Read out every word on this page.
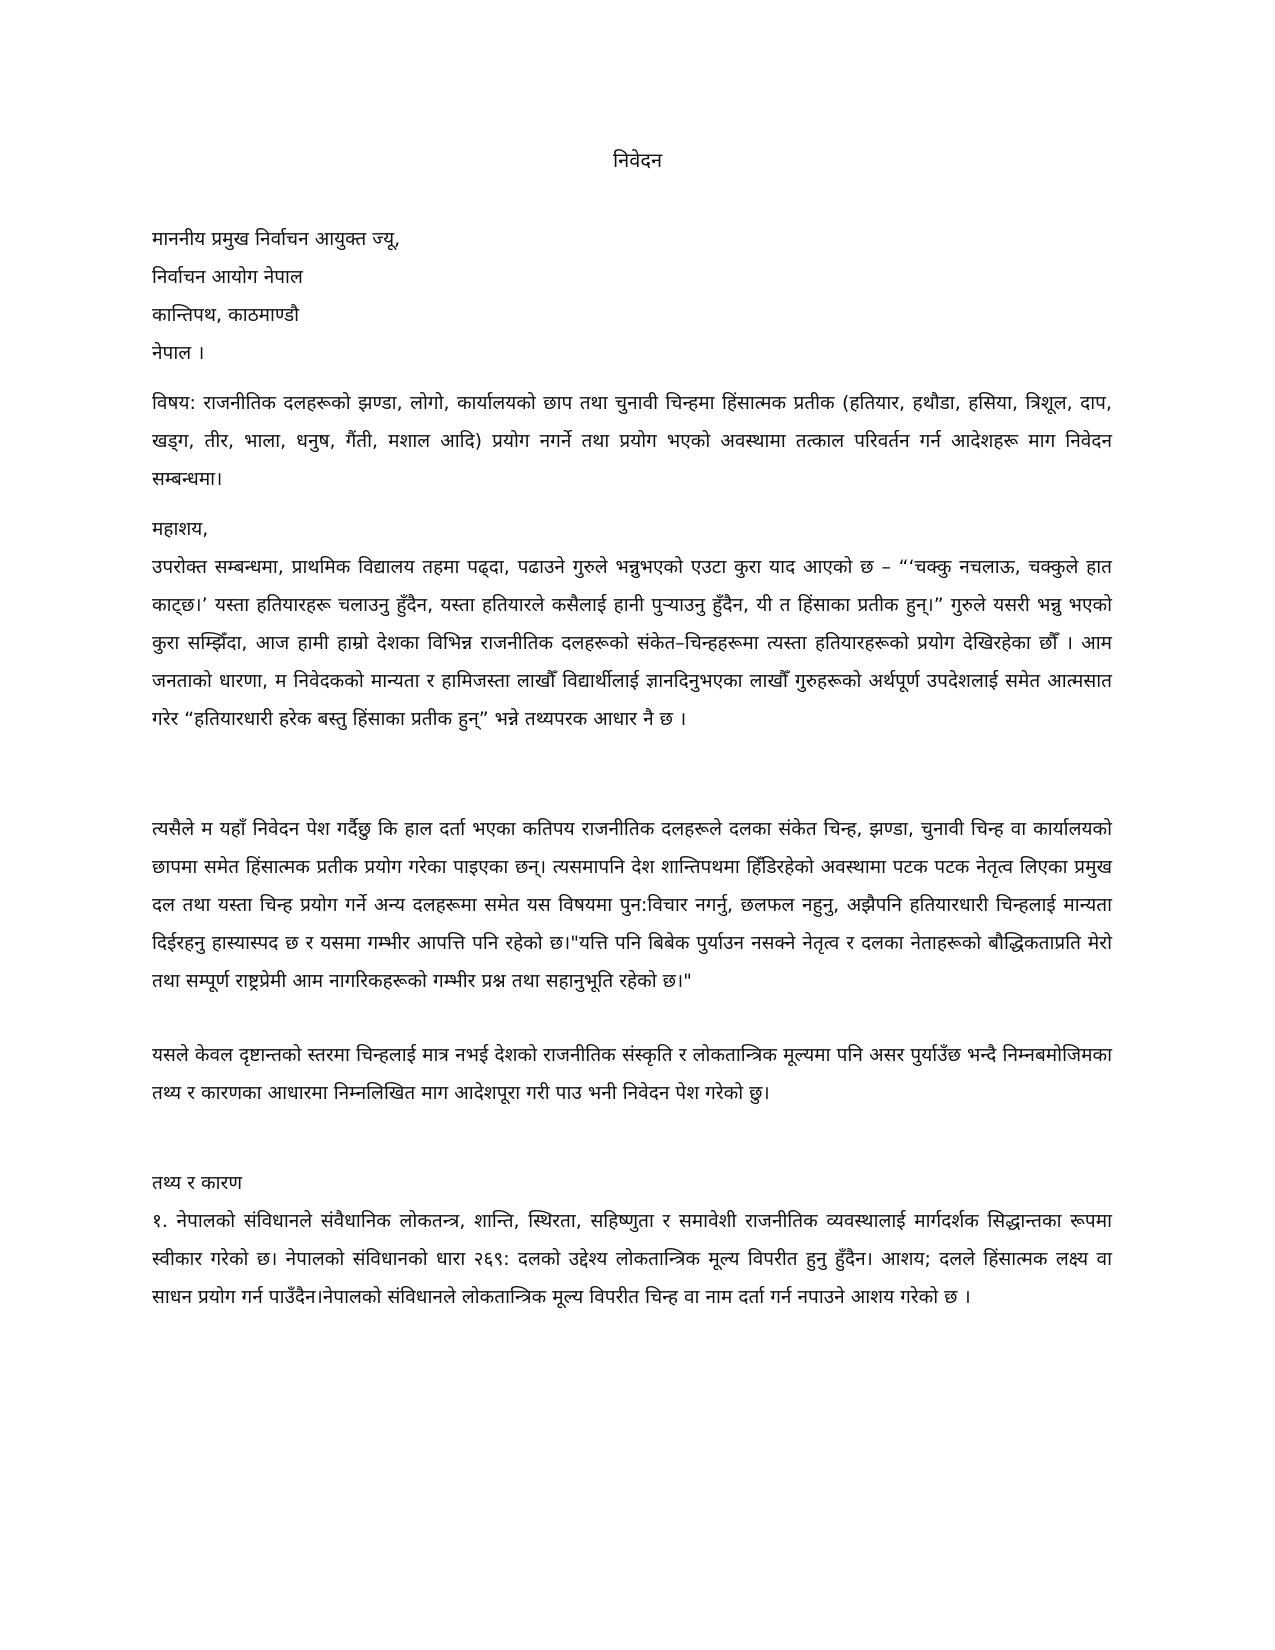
निवेदन
माननीय प्रमुख निर्वाचन आयुक्त ज्यू,
निर्वाचन आयोग नेपाल
कान्तिपथ, काठमाण्डौ
नेपाल ।
विषय: राजनीतिक दलहरूको झण्डा, लोगो, कार्यालयको छाप तथा चुनावी चिन्हमा हिंसात्मक प्रतीक (हतियार, हथौडा, हसिया, त्रिशूल, दाप, खड्ग, तीर, भाला, धनुष, गैंती, मशाल आदि) प्रयोग नगर्ने तथा प्रयोग भएको अवस्थामा तत्काल परिवर्तन गर्न आदेशहरू माग निवेदन सम्बन्धमा।
महाशय,
उपरोक्त सम्बन्धमा, प्राथमिक विद्यालय तहमा पढ्दा, पढाउने गुरुले भन्नुभएको एउटा कुरा याद आएको छ – “‘चक्कु नचलाऊ, चक्कुले हात काट्छ।’ यस्ता हतियारहरू चलाउनु हुँदैन, यस्ता हतियारले कसैलाई हानी पुऱ्याउनु हुँदैन, यी त हिंसाका प्रतीक हुन्।” गुरुले यसरी भन्नु भएको कुरा सम्झिँदा, आज हामी हाम्रो देशका विभिन्न राजनीतिक दलहरूको संकेत–चिन्हहरूमा त्यस्ता हतियारहरूको प्रयोग देखिरहेका छौँ । आम जनताको धारणा, म निवेदकको मान्यता र हामिजस्ता लाखौँ विद्यार्थीलाई ज्ञानदिनुभएका लाखौँ गुरुहरूको अर्थपूर्ण उपदेशलाई समेत आत्मसात गरेर “हतियारधारी हरेक बस्तु हिंसाका प्रतीक हुन्” भन्ने तथ्यपरक आधार नै छ ।
त्यसैले म यहाँ निवेदन पेश गर्दैछु कि हाल दर्ता भएका कतिपय राजनीतिक दलहरूले दलका संकेत चिन्ह, झण्डा, चुनावी चिन्ह वा कार्यालयको छापमा समेत हिंसात्मक प्रतीक प्रयोग गरेका पाइएका छन्। त्यसमापनि देश शान्तिपथमा हिँडिरहेको अवस्थामा पटक पटक नेतृत्व लिएका प्रमुख दल तथा यस्ता चिन्ह प्रयोग गर्ने अन्य दलहरूमा समेत यस विषयमा पुन:विचार नगर्नु, छलफल नहुनु, अझैपनि हतियारधारी चिन्हलाई मान्यता दिईरहनु हास्यास्पद छ र यसमा गम्भीर आपत्ति पनि रहेको छ।"यत्ति पनि बिबेक पुर्याउन नसक्ने नेतृत्व र दलका नेताहरूको बौद्धिकताप्रति मेरो तथा सम्पूर्ण राष्ट्रप्रेमी आम नागरिकहरूको गम्भीर प्रश्न तथा सहानुभूति रहेको छ।"
यसले केवल दृष्टान्तको स्तरमा चिन्हलाई मात्र नभई देशको राजनीतिक संस्कृति र लोकतान्त्रिक मूल्यमा पनि असर पुर्याउँछ भन्दै निम्नबमोजिमका तथ्य र कारणका आधारमा निम्नलिखित माग आदेशपूरा गरी पाउ भनी निवेदन पेश गरेको छु।
तथ्य र कारण
१. नेपालको संविधानले संवैधानिक लोकतन्त्र, शान्ति, स्थिरता, सहिष्णुता र समावेशी राजनीतिक व्यवस्थालाई मार्गदर्शक सिद्धान्तका रूपमा स्वीकार गरेको छ। नेपालको संविधानको धारा २६९: दलको उद्देश्य लोकतान्त्रिक मूल्य विपरीत हुनु हुँदैन। आशय; दलले हिंसात्मक लक्ष्य वा साधन प्रयोग गर्न पाउँदैन।नेपालको संविधानले लोकतान्त्रिक मूल्य विपरीत चिन्ह वा नाम दर्ता गर्न नपाउने आशय गरेको छ ।
